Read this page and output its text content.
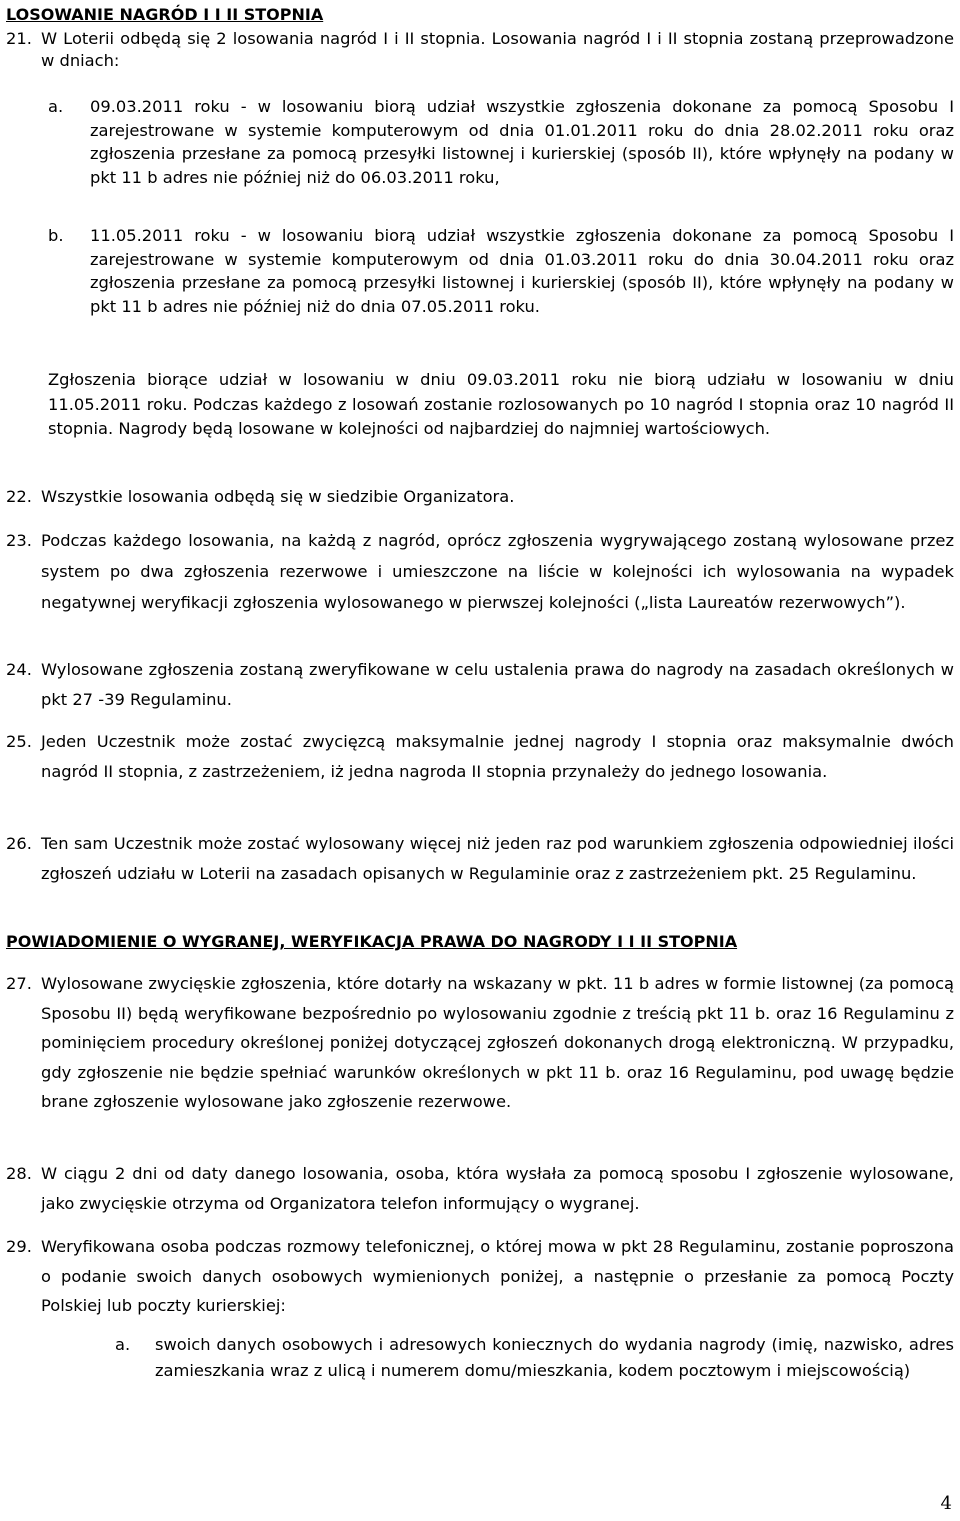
LOSOWANIE NAGRÓD I I II STOPNIA

21. W Loterii odbędą się 2 losowania nagród I i II stopnia. Losowania nagród I i II stopnia zostaną przeprowadzone w dniach:

a. 09.03.2011 roku - w losowaniu biorą udział wszystkie zgłoszenia dokonane za pomocą Sposobu I zarejestrowane w systemie komputerowym od dnia 01.01.2011 roku do dnia 28.02.2011 roku oraz zgłoszenia przesłane za pomocą przesyłki listownej i kurierskiej (sposób II), które wpłynęły na podany w pkt 11 b adres nie później niż do 06.03.2011 roku,

b. 11.05.2011 roku - w losowaniu biorą udział wszystkie zgłoszenia dokonane za pomocą Sposobu I zarejestrowane w systemie komputerowym od dnia 01.03.2011 roku do dnia 30.04.2011 roku oraz zgłoszenia przesłane za pomocą przesyłki listownej i kurierskiej (sposób II), które wpłynęły na podany w pkt 11 b adres nie później niż do dnia 07.05.2011 roku.

Zgłoszenia biorące udział w losowaniu w dniu 09.03.2011 roku nie biorą udziału w losowaniu w dniu 11.05.2011 roku. Podczas każdego z losowań zostanie rozlosowanych po 10 nagród I stopnia oraz 10 nagród II stopnia. Nagrody będą losowane w kolejności od najbardziej do najmniej wartościowych.

22. Wszystkie losowania odbędą się w siedzibie Organizatora.

23. Podczas każdego losowania, na każdą z nagród, oprócz zgłoszenia wygrywającego zostaną wylosowane przez system po dwa zgłoszenia rezerwowe i umieszczone na liście w kolejności ich wylosowania na wypadek negatywnej weryfikacji zgłoszenia wylosowanego w pierwszej kolejności („lista Laureatów rezerwowych”).

24. Wylosowane zgłoszenia zostaną zweryfikowane w celu ustalenia prawa do nagrody na zasadach określonych w pkt 27 -39 Regulaminu.

25. Jeden Uczestnik może zostać zwycięzcą maksymalnie jednej nagrody I stopnia oraz maksymalnie dwóch nagród II stopnia, z zastrzeżeniem, iż jedna nagroda II stopnia przynależy do jednego losowania.

26. Ten sam Uczestnik może zostać wylosowany więcej niż jeden raz pod warunkiem zgłoszenia odpowiedniej ilości zgłoszeń udziału w Loterii na zasadach opisanych w Regulaminie oraz z zastrzeżeniem pkt. 25 Regulaminu.

POWIADOMIENIE O WYGRANEJ, WERYFIKACJA PRAWA DO NAGRODY I I II STOPNIA

27. Wylosowane zwycięskie zgłoszenia, które dotarły na wskazany w pkt. 11 b adres w formie listownej (za pomocą Sposobu II) będą weryfikowane bezpośrednio po wylosowaniu zgodnie z treścią pkt 11 b. oraz 16 Regulaminu z pominięciem procedury określonej poniżej dotyczącej zgłoszeń dokonanych drogą elektroniczną. W przypadku, gdy zgłoszenie nie będzie spełniać warunków określonych w pkt 11 b. oraz 16 Regulaminu, pod uwagę będzie brane zgłoszenie wylosowane jako zgłoszenie rezerwowe.

28. W ciągu 2 dni od daty danego losowania, osoba, która wysłała za pomocą sposobu I zgłoszenie wylosowane, jako zwycięskie otrzyma od Organizatora telefon informujący o wygranej.

29. Weryfikowana osoba podczas rozmowy telefonicznej, o której mowa w pkt 28 Regulaminu, zostanie poproszona o podanie swoich danych osobowych wymienionych poniżej, a następnie o przesłanie za pomocą Poczty Polskiej lub poczty kurierskiej:

a. swoich danych osobowych i adresowych koniecznych do wydania nagrody (imię, nazwisko, adres zamieszkania wraz z ulicą i numerem domu/mieszkania, kodem pocztowym i miejscowością)

4
